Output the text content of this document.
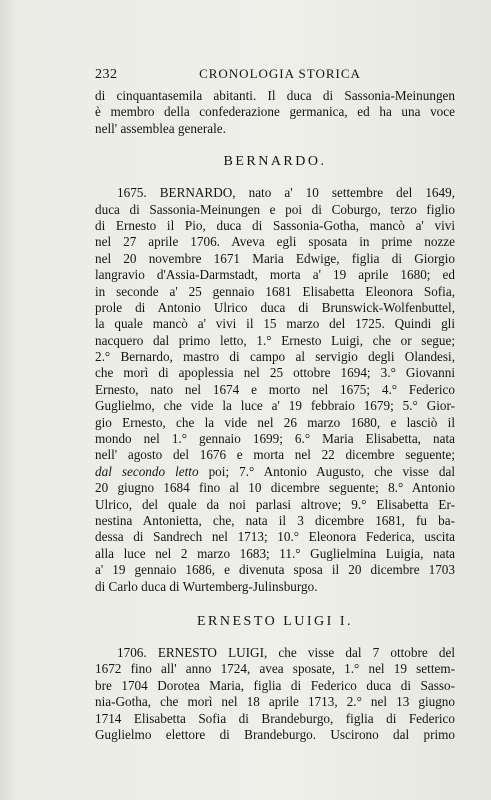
232	CRONOLOGIA STORICA

di cinquantasemila abitanti. Il duca di Sassonia-Meinungen

è membro della confederazione germanica, ed ha una voce

nell' assemblea generale.

BERNARDO.

1675. BERNARDO, nato a' 10 settembre del 1649,

duca di Sassonia-Meinungen e poi di Coburgo, terzo figlio

di Ernesto il Pio, duca di Sassonia-Gotha, mancò a' vivi

nel 27 aprile 1706. Aveva egli sposata in prime nozze

nel 20 novembre 1671 Maria Edwige, figlia di Giorgio

langravio d'Assia-Darmstadt, morta a' 19 aprile 1680; ed

in seconde a' 25 gennaio 1681 Elisabetta Eleonora Sofia,

prole di Antonio Ulrico duca di Brunswick-Wolfenbuttel,

la quale mancò a' vivi il 15 marzo del 1725. Quindi gli

nacquero dal primo letto, 1.° Ernesto Luigi, che or segue;

2.° Bernardo, mastro di campo al servigio degli Olandesi,

che morì di apoplessia nel 25 ottobre 1694; 3.° Giovanni

Ernesto, nato nel 1674 e morto nel 1675; 4.° Federico

Guglielmo, che vide la luce a' 19 febbraio 1679; 5.° Gior-

gio Ernesto, che la vide nel 26 marzo 1680, e lasciò il

mondo nel 1.° gennaio 1699; 6.° Maria Elisabetta, nata

nell' agosto del 1676 e morta nel 22 dicembre seguente;

dal secondo letto poi; 7.° Antonio Augusto, che visse dal

20 giugno 1684 fino al 10 dicembre seguente; 8.° Antonio

Ulrico, del quale da noi parlasi altrove; 9.° Elisabetta Er-

nestina Antonietta, che, nata il 3 dicembre 1681, fu ba-

dessa di Sandrech nel 1713; 10.° Eleonora Federica, uscita

alla luce nel 2 marzo 1683; 11.° Guglielmina Luigia, nata

a' 19 gennaio 1686, e divenuta sposa il 20 dicembre 1703

di Carlo duca di Wurtemberg-Julinsburgo.

ERNESTO LUIGI I.

1706. ERNESTO LUIGI, che visse dal 7 ottobre del

1672 fino all' anno 1724, avea sposate, 1.° nel 19 settem-

bre 1704 Dorotea Maria, figlia di Federico duca di Sasso-

nia-Gotha, che morì nel 18 aprile 1713, 2.° nel 13 giugno

1714 Elisabetta Sofia di Brandeburgo, figlia di Federico

Guglielmo elettore di Brandeburgo. Uscirono dal primo
